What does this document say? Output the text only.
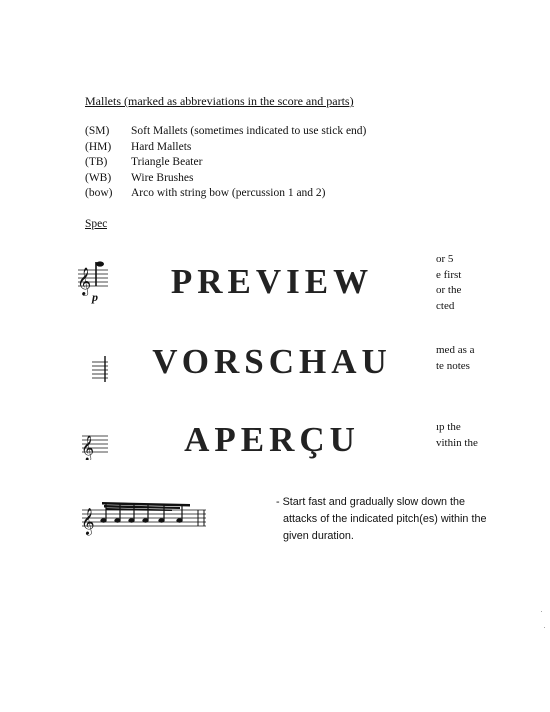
Mallets (marked as abbreviations in the score and parts)
(SM)	Soft Mallets (sometimes indicated to use stick end)
(HM)	Hard Mallets
(TB)	Triangle Beater
(WB)	Wire Brushes
(bow)	Arco with string bow (percussion 1 and 2)
Spec
𝄞
p
𝄞
𝄞
or 5
e first
or the
cted
med as a
te notes
ıp the
vithin the
PREVIEW
VORSCHAU
APERÇU
- Start fast and gradually slow down the
attacks of the indicated pitch(es) within the
given duration.
·
·
